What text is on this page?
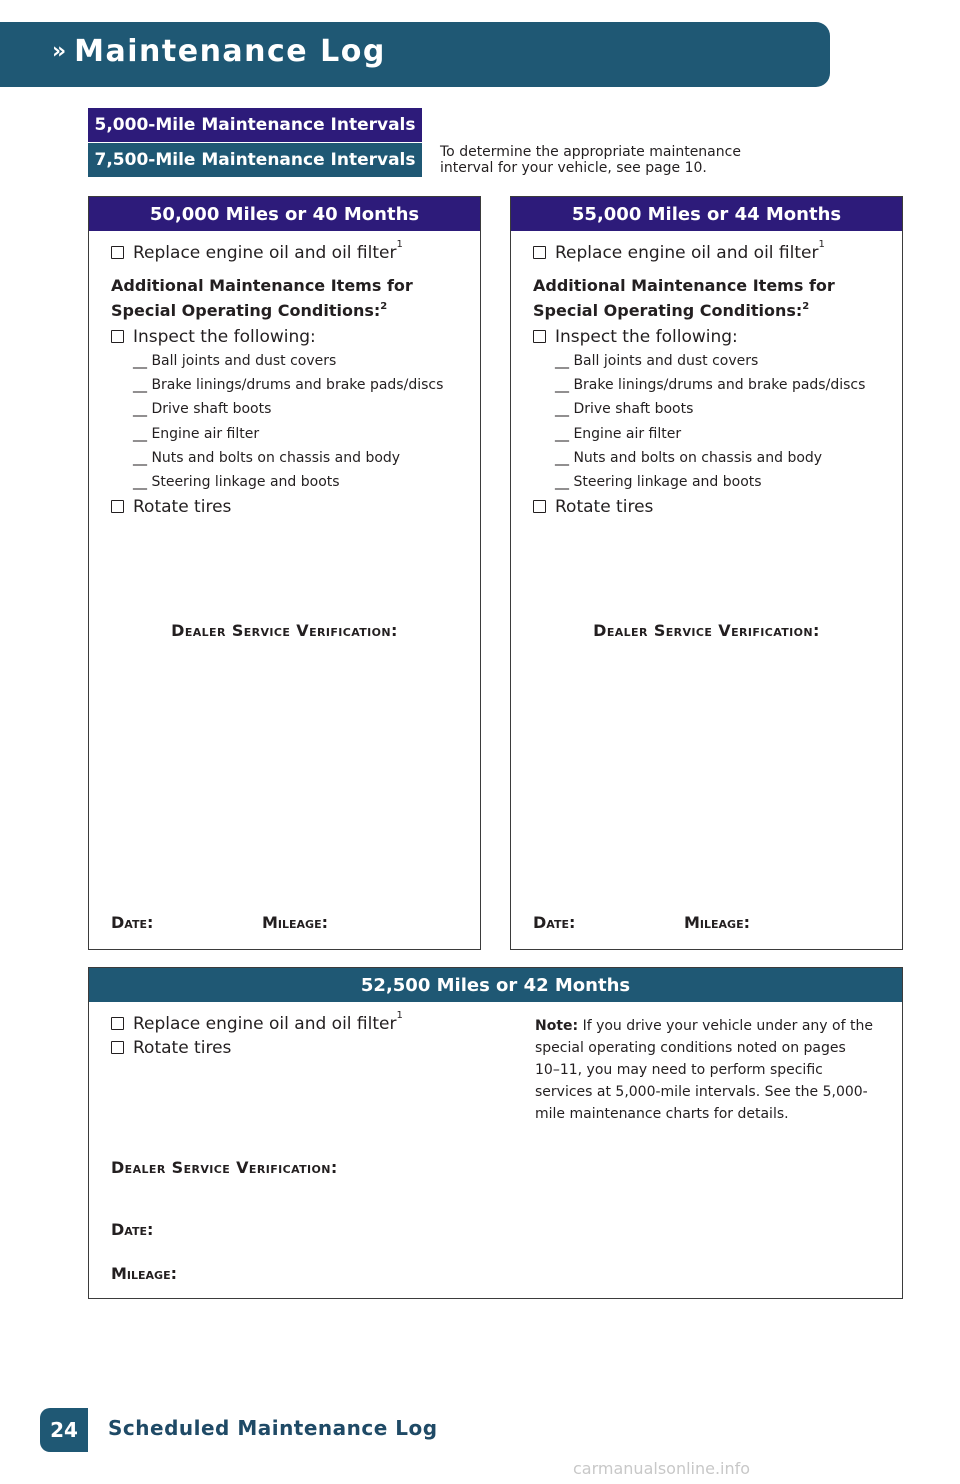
›› Maintenance Log
5,000-Mile Maintenance Intervals
7,500-Mile Maintenance Intervals	To determine the appropriate maintenance interval for your vehicle, see page 10.
50,000 Miles or 40 Months
Replace engine oil and oil filter$^1$
Additional Maintenance Items for Special Operating Conditions:$^2$
Inspect the following:
__ Ball joints and dust covers
__ Brake linings/drums and brake pads/discs
__ Drive shaft boots
__ Engine air filter
__ Nuts and bolts on chassis and body
__ Steering linkage and boots
Rotate tires
Dealer Service Verification:
Date:	Mileage:
55,000 Miles or 44 Months
Replace engine oil and oil filter$^1$
Additional Maintenance Items for Special Operating Conditions:$^2$
Inspect the following:
__ Ball joints and dust covers
__ Brake linings/drums and brake pads/discs
__ Drive shaft boots
__ Engine air filter
__ Nuts and bolts on chassis and body
__ Steering linkage and boots
Rotate tires
Dealer Service Verification:
Date:	Mileage:
52,500 Miles or 42 Months
Replace engine oil and oil filter$^1$
Rotate tires
Note: If you drive your vehicle under any of the special operating conditions noted on pages 10–11, you may need to perform specific services at 5,000-mile intervals. See the 5,000-mile maintenance charts for details.
Dealer Service Verification:
Date:
Mileage:
24	Scheduled Maintenance Log
carmanualsonline.info
